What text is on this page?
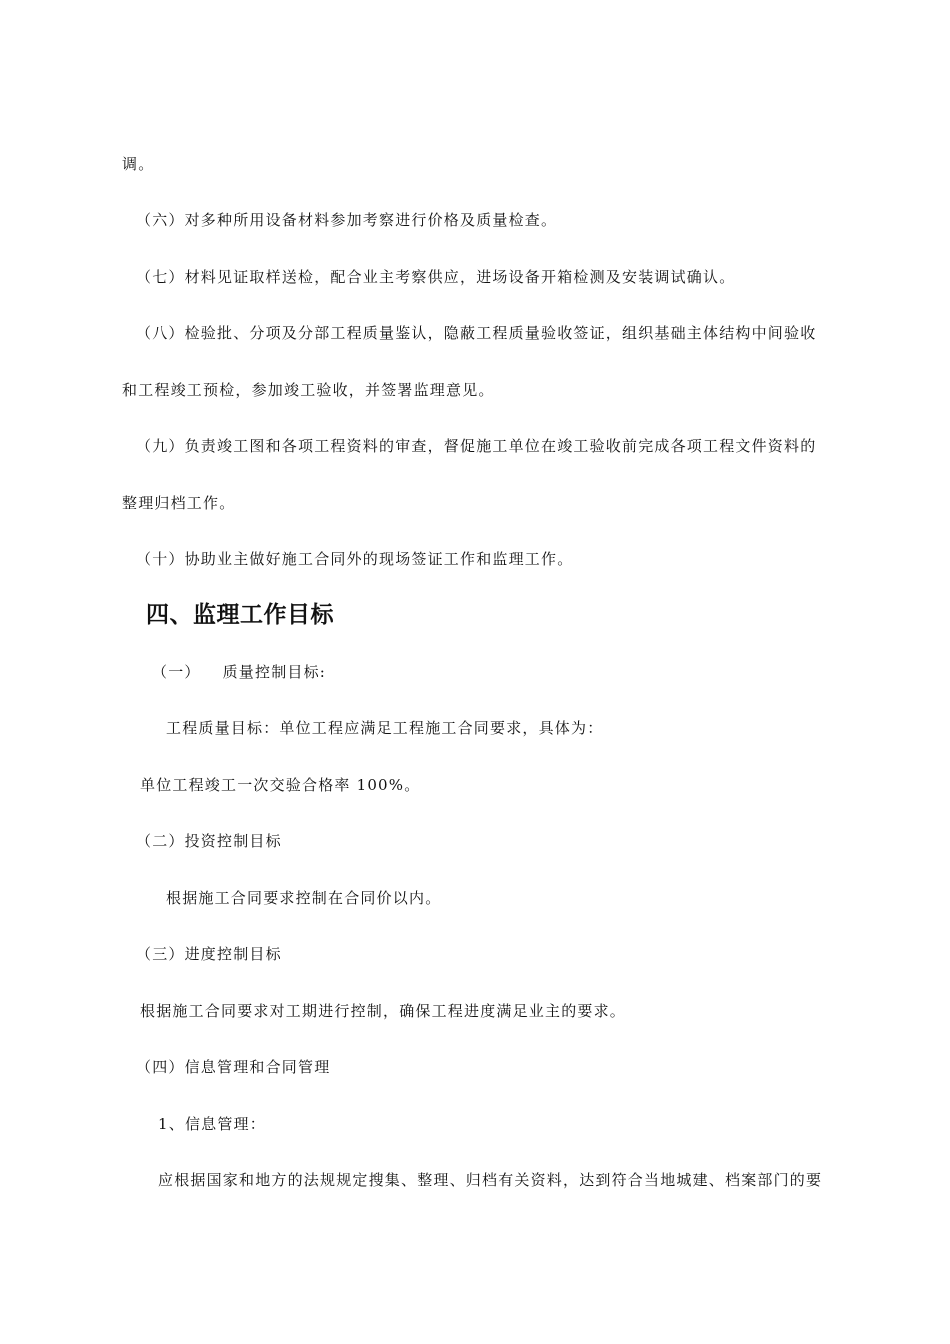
调。
（六）对多种所用设备材料参加考察进行价格及质量检查。
（七）材料见证取样送检，配合业主考察供应，进场设备开箱检测及安装调试确认。
（八）检验批、分项及分部工程质量鉴认，隐蔽工程质量验收签证，组织基础主体结构中间验收
和工程竣工预检，参加竣工验收，并签署监理意见。
（九）负责竣工图和各项工程资料的审查，督促施工单位在竣工验收前完成各项工程文件资料的
整理归档工作。
（十）协助业主做好施工合同外的现场签证工作和监理工作。
四、监理工作目标
（一） 质量控制目标:
工程质量目标：单位工程应满足工程施工合同要求，具体为：
单位工程竣工一次交验合格率 100%。
（二）投资控制目标
根据施工合同要求控制在合同价以内。
（三）进度控制目标
根据施工合同要求对工期进行控制，确保工程进度满足业主的要求。
（四）信息管理和合同管理
1、信息管理：
应根据国家和地方的法规规定搜集、整理、归档有关资料，达到符合当地城建、档案部门的要
